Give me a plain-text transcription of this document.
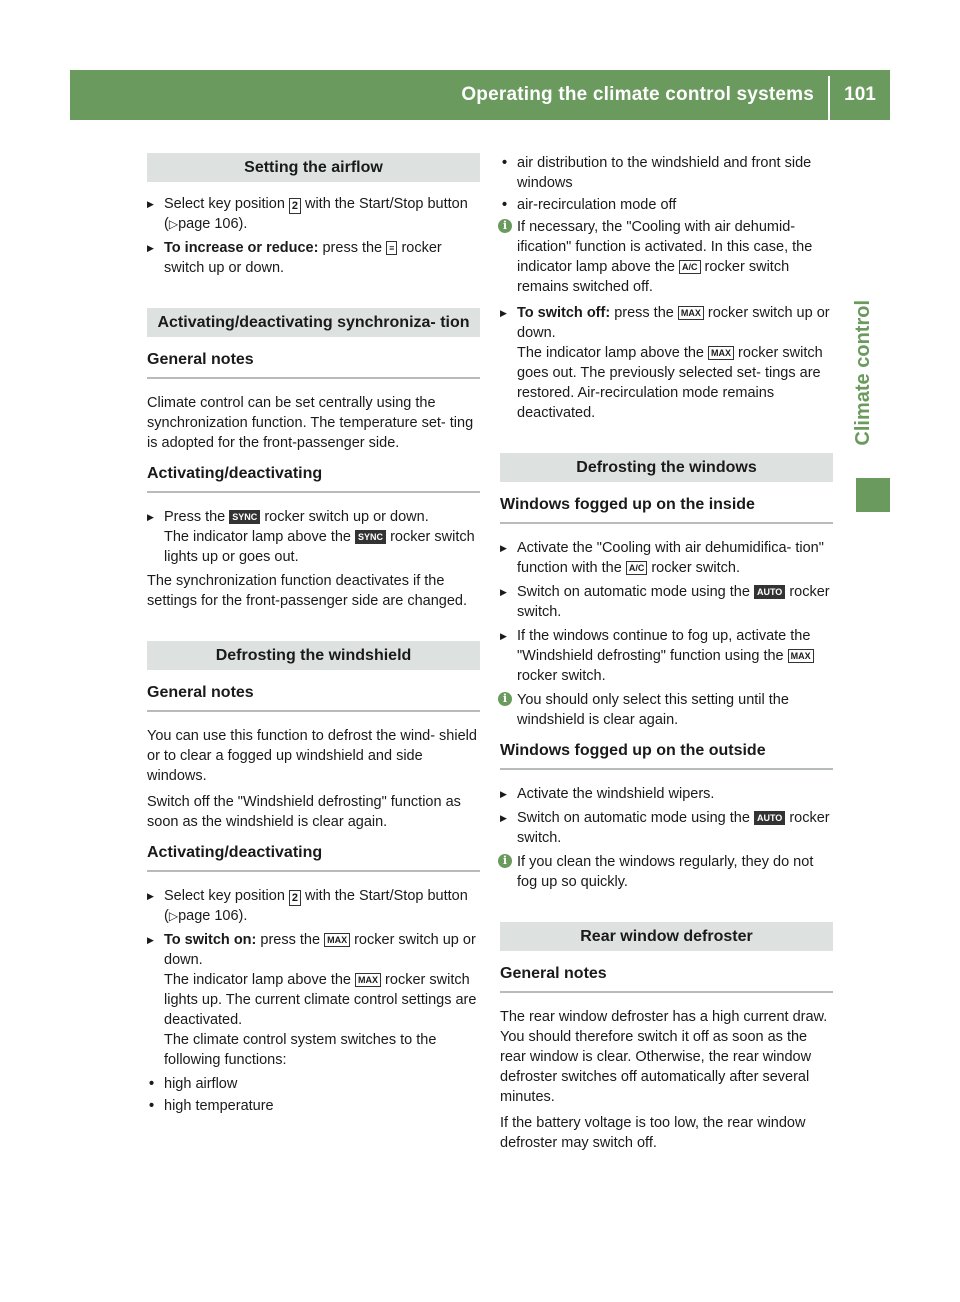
Operating the climate control systems	101
Climate control
Setting the airflow
▶ Select key position 2 with the Start/Stop button (▷page 106).
▶ To increase or reduce: press the ≡ rocker switch up or down.
Activating/deactivating synchroniza- tion
General notes

Climate control can be set centrally using the synchronization function. The temperature set- ting is adopted for the front-passenger side.

Activating/deactivating
▶ Press the SYNC rocker switch up or down.
The indicator lamp above the SYNC rocker switch lights up or goes out.

The synchronization function deactivates if the settings for the front-passenger side are changed.

Defrosting the windshield
General notes

You can use this function to defrost the wind- shield or to clear a fogged up windshield and side windows.

Switch off the "Windshield defrosting" function as soon as the windshield is clear again.

Activating/deactivating
▶ Select key position 2 with the Start/Stop button (▷page 106).
▶ To switch on: press the MAX rocker switch up or down.
The indicator lamp above the MAX rocker switch lights up. The current climate control settings are deactivated.
The climate control system switches to the following functions:
• high airflow
• high temperature
• air distribution to the windshield and front side windows
• air-recirculation mode off
i If necessary, the "Cooling with air dehumid- ification" function is activated. In this case, the indicator lamp above the A/C rocker switch remains switched off.
▶ To switch off: press the MAX rocker switch up or down.
The indicator lamp above the MAX rocker switch goes out. The previously selected set- tings are restored. Air-recirculation mode remains deactivated.
Defrosting the windows
Windows fogged up on the inside
▶ Activate the "Cooling with air dehumidifica- tion" function with the A/C rocker switch.
▶ Switch on automatic mode using the AUTO rocker switch.
▶ If the windows continue to fog up, activate the "Windshield defrosting" function using the MAX rocker switch.
i You should only select this setting until the windshield is clear again.
Windows fogged up on the outside
▶ Activate the windshield wipers.
▶ Switch on automatic mode using the AUTO rocker switch.
i If you clean the windows regularly, they do not fog up so quickly.
Rear window defroster
General notes

The rear window defroster has a high current draw. You should therefore switch it off as soon as the rear window is clear. Otherwise, the rear window defroster switches off automatically after several minutes.

If the battery voltage is too low, the rear window defroster may switch off.
